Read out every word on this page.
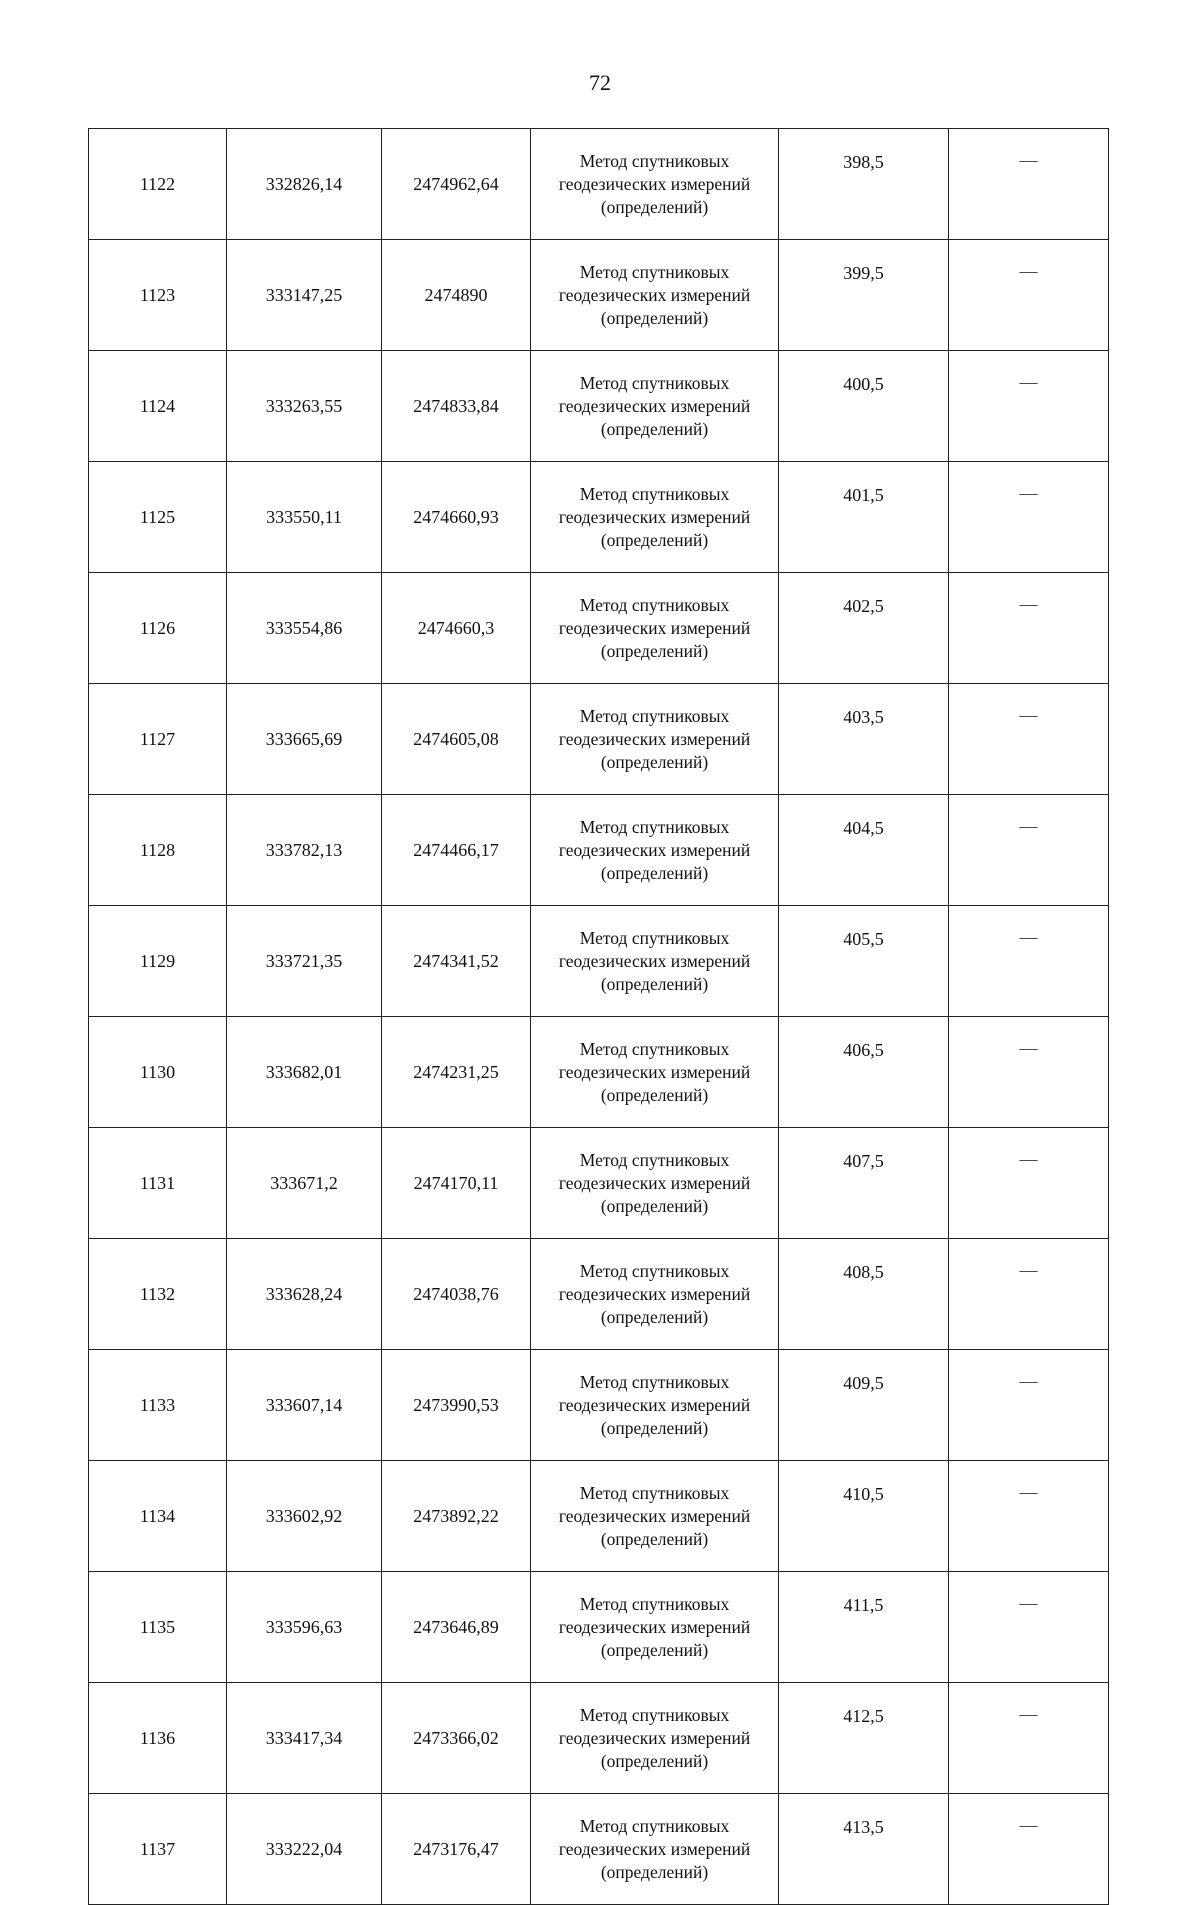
72
1122	332826,14	2474962,64	Метод спутниковых
геодезических измерений
(определений)	398,5	—
1123	333147,25	2474890	Метод спутниковых
геодезических измерений
(определений)	399,5	—
1124	333263,55	2474833,84	Метод спутниковых
геодезических измерений
(определений)	400,5	—
1125	333550,11	2474660,93	Метод спутниковых
геодезических измерений
(определений)	401,5	—
1126	333554,86	2474660,3	Метод спутниковых
геодезических измерений
(определений)	402,5	—
1127	333665,69	2474605,08	Метод спутниковых
геодезических измерений
(определений)	403,5	—
1128	333782,13	2474466,17	Метод спутниковых
геодезических измерений
(определений)	404,5	—
1129	333721,35	2474341,52	Метод спутниковых
геодезических измерений
(определений)	405,5	—
1130	333682,01	2474231,25	Метод спутниковых
геодезических измерений
(определений)	406,5	—
1131	333671,2	2474170,11	Метод спутниковых
геодезических измерений
(определений)	407,5	—
1132	333628,24	2474038,76	Метод спутниковых
геодезических измерений
(определений)	408,5	—
1133	333607,14	2473990,53	Метод спутниковых
геодезических измерений
(определений)	409,5	—
1134	333602,92	2473892,22	Метод спутниковых
геодезических измерений
(определений)	410,5	—
1135	333596,63	2473646,89	Метод спутниковых
геодезических измерений
(определений)	411,5	—
1136	333417,34	2473366,02	Метод спутниковых
геодезических измерений
(определений)	412,5	—
1137	333222,04	2473176,47	Метод спутниковых
геодезических измерений
(определений)	413,5	—
